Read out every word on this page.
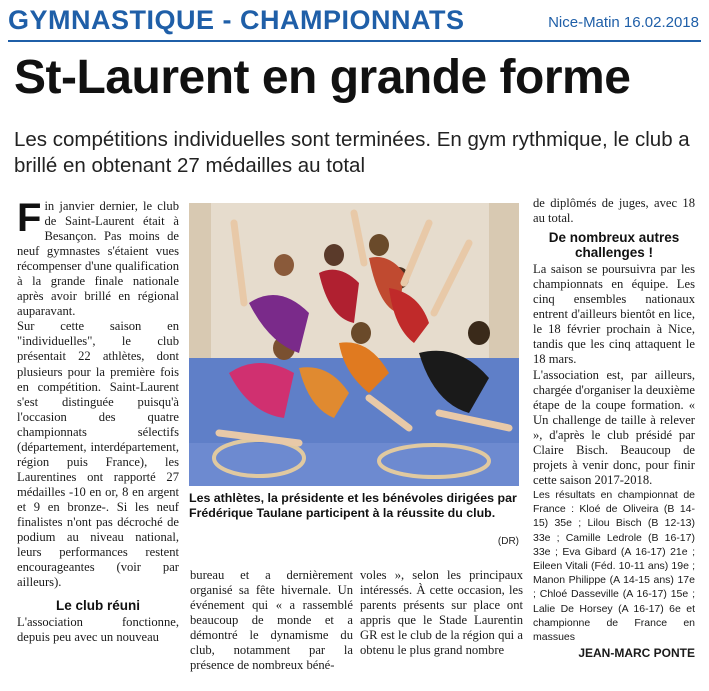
GYMNASTIQUE - CHAMPIONNATS	Nice-Matin 16.02.2018
St-Laurent en grande forme
Les compétitions individuelles sont terminées. En gym rythmique, le club a brillé en obtenant 27 médailles au total

Fin janvier dernier, le club de Saint-Laurent était à Besançon. Pas moins de neuf gymnastes s'étaient vues récompenser d'une qualification à la grande finale nationale après avoir brillé en régional auparavant.

Sur cette saison en "individuelles", le club présentait 22 athlètes, dont plusieurs pour la première fois en compétition. Saint-Laurent s'est distinguée puisqu'à l'occasion des quatre championnats sélectifs (département, interdépartement, région puis France), les Laurentines ont rapporté 27 médailles -10 en or, 8 en argent et 9 en bronze-. Si les neuf finalistes n'ont pas décroché de podium au niveau national, leurs performances restent encourageantes (voir par ailleurs).

Le club réuni

L'association fonctionne, depuis peu avec un nouveau

Les athlètes, la présidente et les bénévoles dirigées par Frédérique Taulane participent à la réussite du club.
(DR)

bureau et a dernièrement organisé sa fête hivernale. Un événement qui « a rassemblé beaucoup de monde et a démontré le dynamisme du club, notamment par la présence de nombreux béné-

voles », selon les principaux intéressés. À cette occasion, les parents présents sur place ont appris que le Stade Laurentin GR est le club de la région qui a obtenu le plus grand nombre

de diplômés de juges, avec 18 au total.

De nombreux autres challenges !

La saison se poursuivra par les championnats en équipe. Les cinq ensembles nationaux entrent d'ailleurs bientôt en lice, le 18 février prochain à Nice, tandis que les cinq attaquent le 18 mars.

L'association est, par ailleurs, chargée d'organiser la deuxième étape de la coupe formation. « Un challenge de taille à relever », d'après le club présidé par Claire Bisch. Beaucoup de projets à venir donc, pour finir cette saison 2017-2018.

Les résultats en championnat de France : Kloé de Oliveira (B 14-15) 35e ; Lilou Bisch (B 12-13) 33e ; Camille Ledrole (B 16-17) 33e ; Eva Gibard (A 16-17) 21e ; Eileen Vitali (Féd. 10-11 ans) 19e ; Manon Philippe (A 14-15 ans) 17e ; Chloé Dasseville (A 16-17) 15e ; Lalie De Horsey (A 16-17) 6e et championne de France en massues

JEAN-MARC PONTE
